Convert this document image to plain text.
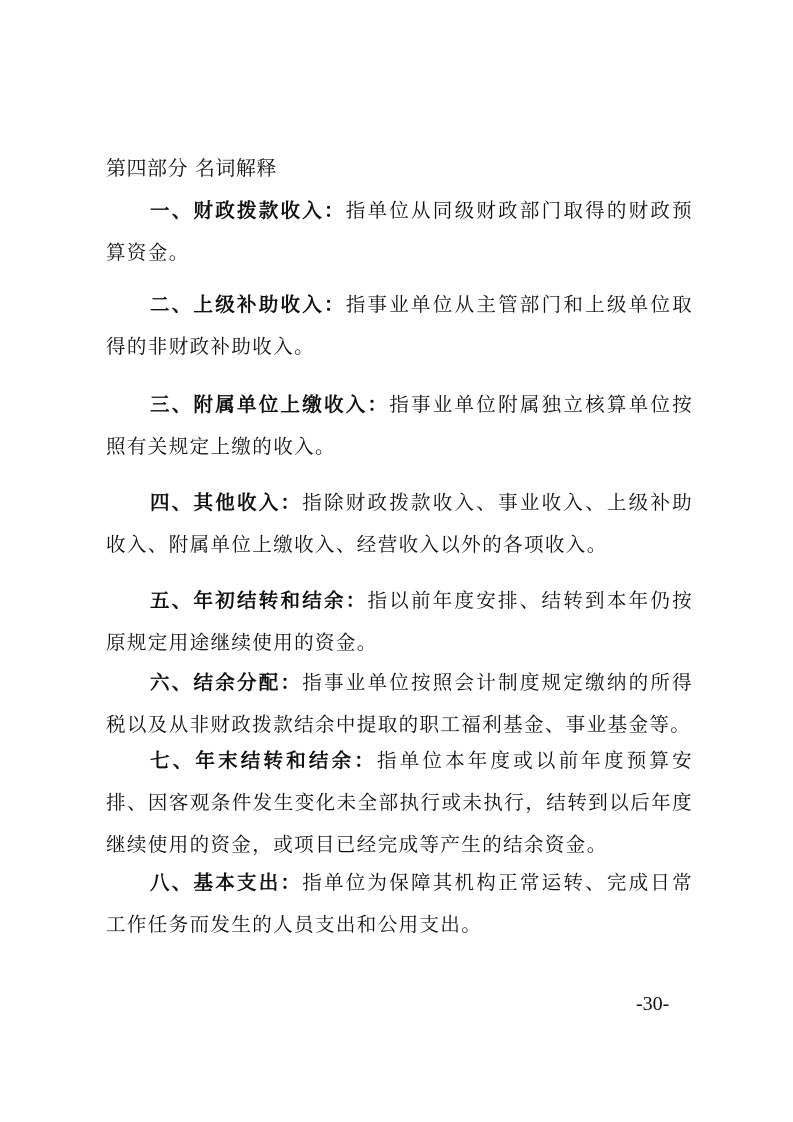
第四部分 名词解释

一、财政拨款收入：指单位从同级财政部门取得的财政预算资金。

二、上级补助收入：指事业单位从主管部门和上级单位取得的非财政补助收入。

三、附属单位上缴收入：指事业单位附属独立核算单位按照有关规定上缴的收入。

四、其他收入：指除财政拨款收入、事业收入、上级补助收入、附属单位上缴收入、经营收入以外的各项收入。

五、年初结转和结余：指以前年度安排、结转到本年仍按原规定用途继续使用的资金。

六、结余分配：指事业单位按照会计制度规定缴纳的所得税以及从非财政拨款结余中提取的职工福利基金、事业基金等。

七、年末结转和结余：指单位本年度或以前年度预算安排、因客观条件发生变化未全部执行或未执行，结转到以后年度继续使用的资金，或项目已经完成等产生的结余资金。

八、基本支出：指单位为保障其机构正常运转、完成日常工作任务而发生的人员支出和公用支出。

-30-
